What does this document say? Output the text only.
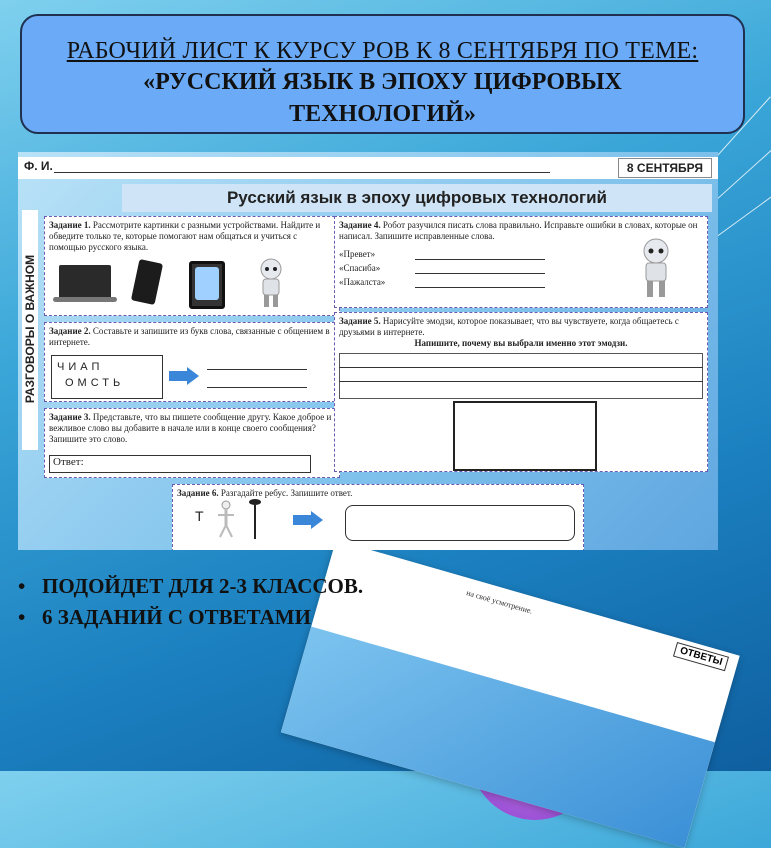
РАБОЧИЙ ЛИСТ К КУРСУ РОВ К 8 СЕНТЯБРЯ ПО ТЕМЕ:
«РУССКИЙ ЯЗЫК В ЭПОХУ ЦИФРОВЫХ
ТЕХНОЛОГИЙ»
на своё усмотрение.
ОТВЕТЫ
Ф. И.	8 СЕНТЯБРЯ
Русский язык в эпоху цифровых технологий
РАЗГОВОРЫ О ВАЖНОМ
Задание 1. Рассмотрите картинки с разными устройствами. Найдите и обведите только те, которые помогают нам общаться и учиться с помощью русского языка.
Задание 2. Составьте и запишите из букв слова, связанные с общением в интернете.
ЧИАП
ОМСТЬ
Задание 3. Представьте, что вы пишете сообщение другу. Какое доброе и вежливое слово вы добавите в начале или в конце своего сообщения? Запишите это слово.
Ответ:
Задание 4. Робот разучился писать слова правильно. Исправьте ошибки в словах, которые он написал. Запишите исправленные слова.
«Превет»
«Спасиба»
«Пажалста»
Задание 5. Нарисуйте эмодзи, которое показывает, что вы чувствуете, когда общаетесь с друзьями в интернете.
Напишите, почему вы выбрали именно этот эмодзи.
Задание 6. Разгадайте ребус. Запишите ответ.
Т
• ПОДОЙДЕТ ДЛЯ 2-3 КЛАССОВ.
• 6 ЗАДАНИЙ С ОТВЕТАМИ
